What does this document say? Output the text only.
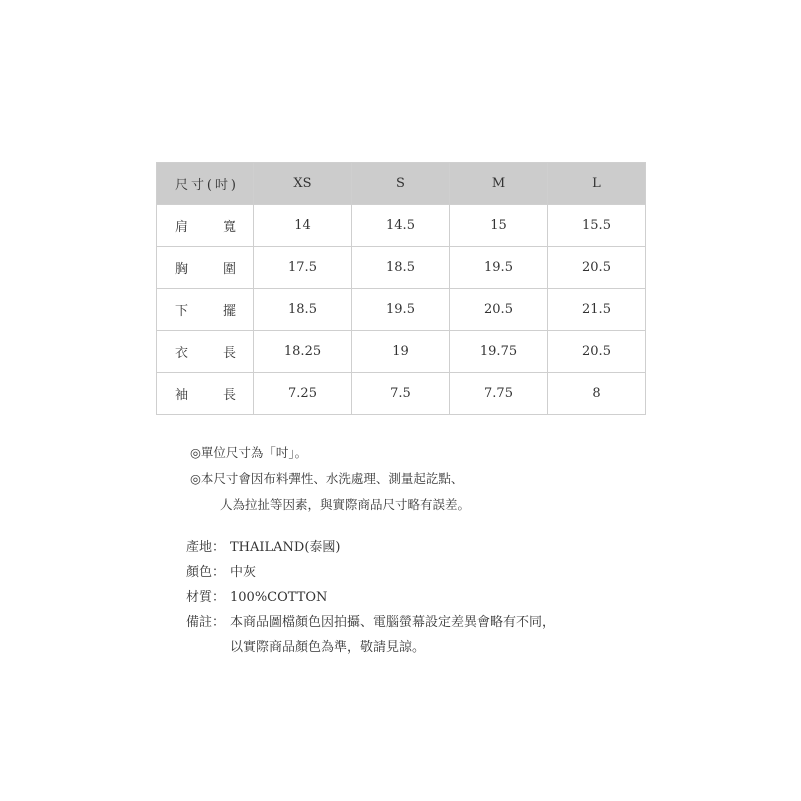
尺寸(吋)	XS	S	M	L
肩寬	14	14.5	15	15.5
胸圍	17.5	18.5	19.5	20.5
下擺	18.5	19.5	20.5	21.5
衣長	18.25	19	19.75	20.5
袖長	7.25	7.5	7.75	8
◎單位尺寸為「吋」。
◎本尺寸會因布料彈性、水洗處理、測量起訖點、
人為拉扯等因素，與實際商品尺寸略有誤差。
產地： THAILAND(泰國)
顏色： 中灰
材質： 100%COTTON
備註： 本商品圖檔顏色因拍攝、電腦螢幕設定差異會略有不同，
以實際商品顏色為準，敬請見諒。
